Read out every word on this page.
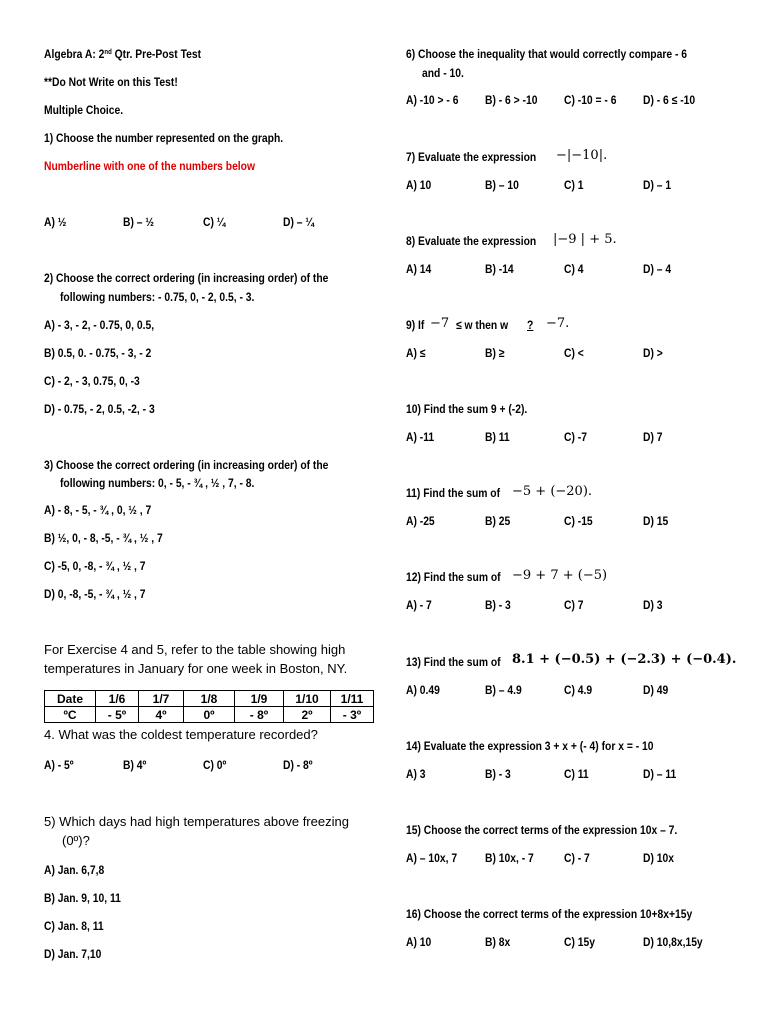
Algebra A: 2nd Qtr. Pre-Post Test
**Do Not Write on this Test!
Multiple Choice.
1) Choose the number represented on the graph.
Numberline with one of the numbers below
A) ½	B) – ½	C) ¼	D) – ¼
2) Choose the correct ordering (in increasing order) of the
following numbers: - 0.75, 0, - 2, 0.5, - 3.
A) - 3, - 2, - 0.75, 0, 0.5,
B) 0.5, 0. - 0.75, - 3, - 2
C) - 2, - 3, 0.75, 0, -3
D) - 0.75, - 2, 0.5, -2, - 3
3) Choose the correct ordering (in increasing order) of the
following numbers: 0, - 5, - ¾ , ½ , 7, - 8.
A) - 8, - 5, - ¾ , 0, ½ , 7
B) ½, 0, - 8, -5, - ¾ , ½ , 7
C) -5, 0, -8, - ¾ , ½ , 7
D) 0, -8, -5, - ¾ , ½ , 7
For Exercise 4 and 5, refer to the table showing high
temperatures in January for one week in Boston, NY.
Date	1/6	1/7	1/8	1/9	1/10	1/11
ºC	- 5º	4º	0º	- 8º	2º	- 3º
4. What was the coldest temperature recorded?
A) - 5º	B) 4º	C) 0º	D) - 8º
5) Which days had high temperatures above freezing
(0º)?
A) Jan. 6,7,8
B) Jan. 9, 10, 11
C) Jan. 8, 11
D) Jan. 7,10
6) Choose the inequality that would correctly compare - 6
and - 10.
A) -10 > - 6 B) - 6 > -10 C) -10 = - 6 D) - 6 ≤ -10
7) Evaluate the expression −|−10|.
A) 10	B) – 10	C) 1	D) – 1
8) Evaluate the expression |−9 | + 5.
A) 14	B) -14	C) 4	D) – 4
9) If −7 ≤ w then w ? −7.
A) ≤	B) ≥	C) <	D) >
10) Find the sum 9 + (-2).
A) -11	B) 11	C) -7	D) 7
11) Find the sum of −5 + (−20).
A) -25	B) 25	C) -15	D) 15
12) Find the sum of −9 + 7 + (−5)
A) - 7	B) - 3	C) 7	D) 3
13) Find the sum of 8.1 + (−0.5) + (−2.3) + (−0.4).
A) 0.49	B) – 4.9	C) 4.9	D) 49
14) Evaluate the expression 3 + x + (- 4) for x = - 10
A) 3	B) - 3	C) 11	D) – 11
15) Choose the correct terms of the expression 10x – 7.
A) – 10x, 7 B) 10x, - 7	C) - 7	D) 10x
16) Choose the correct terms of the expression 10+8x+15y
A) 10	B) 8x	C) 15y	D) 10,8x,15y
